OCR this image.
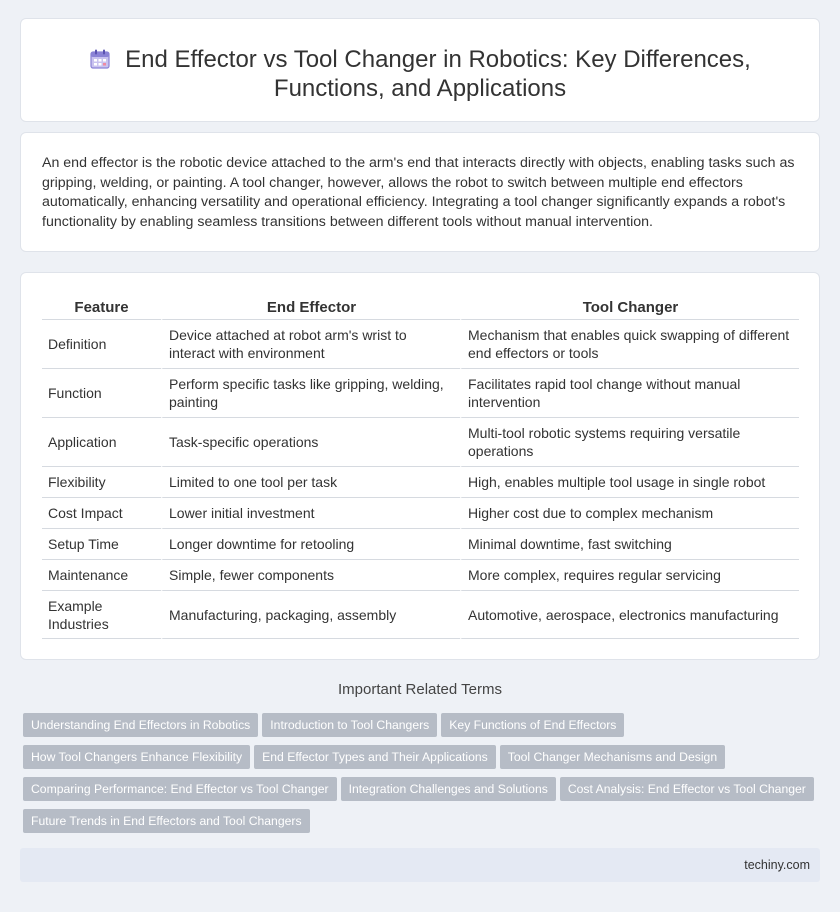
End Effector vs Tool Changer in Robotics: Key Differences,
Functions, and Applications

An end effector is the robotic device attached to the arm's end that interacts directly with objects, enabling tasks such as gripping, welding, or painting. A tool changer, however, allows the robot to switch between multiple end effectors automatically, enhancing versatility and operational efficiency. Integrating a tool changer significantly expands a robot's functionality by enabling seamless transitions between different tools without manual intervention.

Feature	End Effector	Tool Changer
Definition	Device attached at robot arm's wrist to interact with environment	Mechanism that enables quick swapping of different end effectors or tools
Function	Perform specific tasks like gripping, welding, painting	Facilitates rapid tool change without manual intervention
Application	Task-specific operations	Multi-tool robotic systems requiring versatile operations
Flexibility	Limited to one tool per task	High, enables multiple tool usage in single robot
Cost Impact	Lower initial investment	Higher cost due to complex mechanism
Setup Time	Longer downtime for retooling	Minimal downtime, fast switching
Maintenance	Simple, fewer components	More complex, requires regular servicing
Example Industries	Manufacturing, packaging, assembly	Automotive, aerospace, electronics manufacturing
Important Related Terms
Understanding End Effectors in Robotics Introduction to Tool Changers Key Functions of End Effectors
How Tool Changers Enhance Flexibility End Effector Types and Their Applications Tool Changer Mechanisms and Design
Comparing Performance: End Effector vs Tool Changer Integration Challenges and Solutions Cost Analysis: End Effector vs Tool Changer
Future Trends in End Effectors and Tool Changers
techiny.com
